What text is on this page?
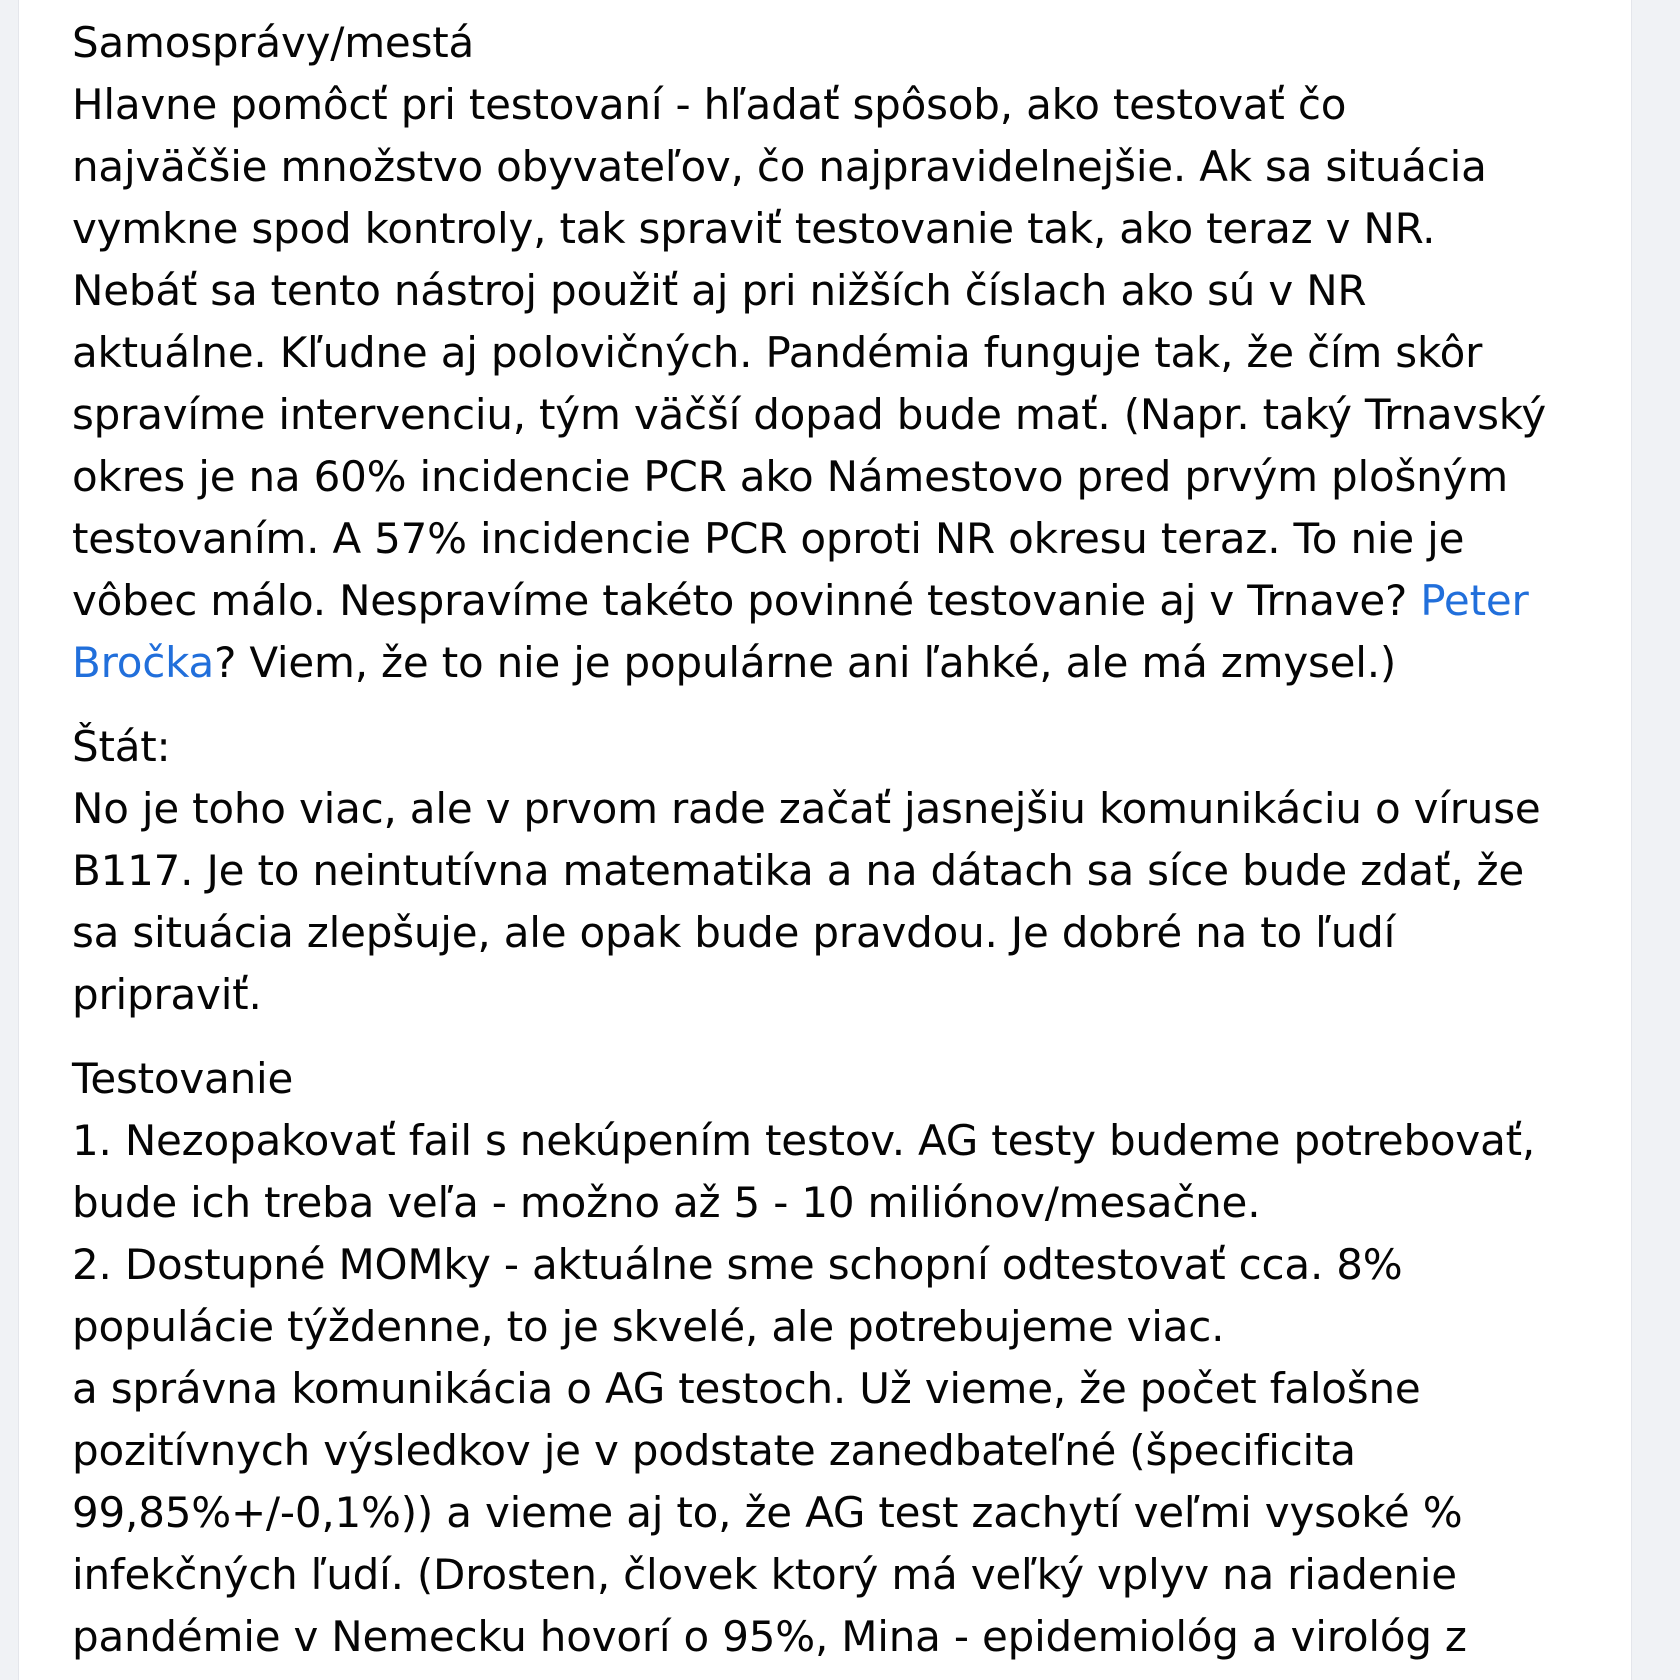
Samosprávy/mestá
Hlavne pomôcť pri testovaní - hľadať spôsob, ako testovať čo
najväčšie množstvo obyvateľov, čo najpravidelnejšie. Ak sa situácia
vymkne spod kontroly, tak spraviť testovanie tak, ako teraz v NR.
Nebáť sa tento nástroj použiť aj pri nižších číslach ako sú v NR
aktuálne. Kľudne aj polovičných. Pandémia funguje tak, že čím skôr
spravíme intervenciu, tým väčší dopad bude mať. (Napr. taký Trnavský
okres je na 60% incidencie PCR ako Námestovo pred prvým plošným
testovaním. A 57% incidencie PCR oproti NR okresu teraz. To nie je
vôbec málo. Nespravíme takéto povinné testovanie aj v Trnave? Peter
Bročka? Viem, že to nie je populárne ani ľahké, ale má zmysel.)
Štát:
No je toho viac, ale v prvom rade začať jasnejšiu komunikáciu o víruse
B117. Je to neintutívna matematika a na dátach sa síce bude zdať, že
sa situácia zlepšuje, ale opak bude pravdou. Je dobré na to ľudí
pripraviť.
Testovanie
1. Nezopakovať fail s nekúpením testov. AG testy budeme potrebovať,
bude ich treba veľa - možno až 5 - 10 miliónov/mesačne.
2. Dostupné MOMky - aktuálne sme schopní odtestovať cca. 8%
populácie týždenne, to je skvelé, ale potrebujeme viac.
a správna komunikácia o AG testoch. Už vieme, že počet falošne
pozitívnych výsledkov je v podstate zanedbateľné (špecificita
99,85%+/-0,1%)) a vieme aj to, že AG test zachytí veľmi vysoké %
infekčných ľudí. (Drosten, človek ktorý má veľký vplyv na riadenie
pandémie v Nemecku hovorí o 95%, Mina - epidemiológ a virológ z
